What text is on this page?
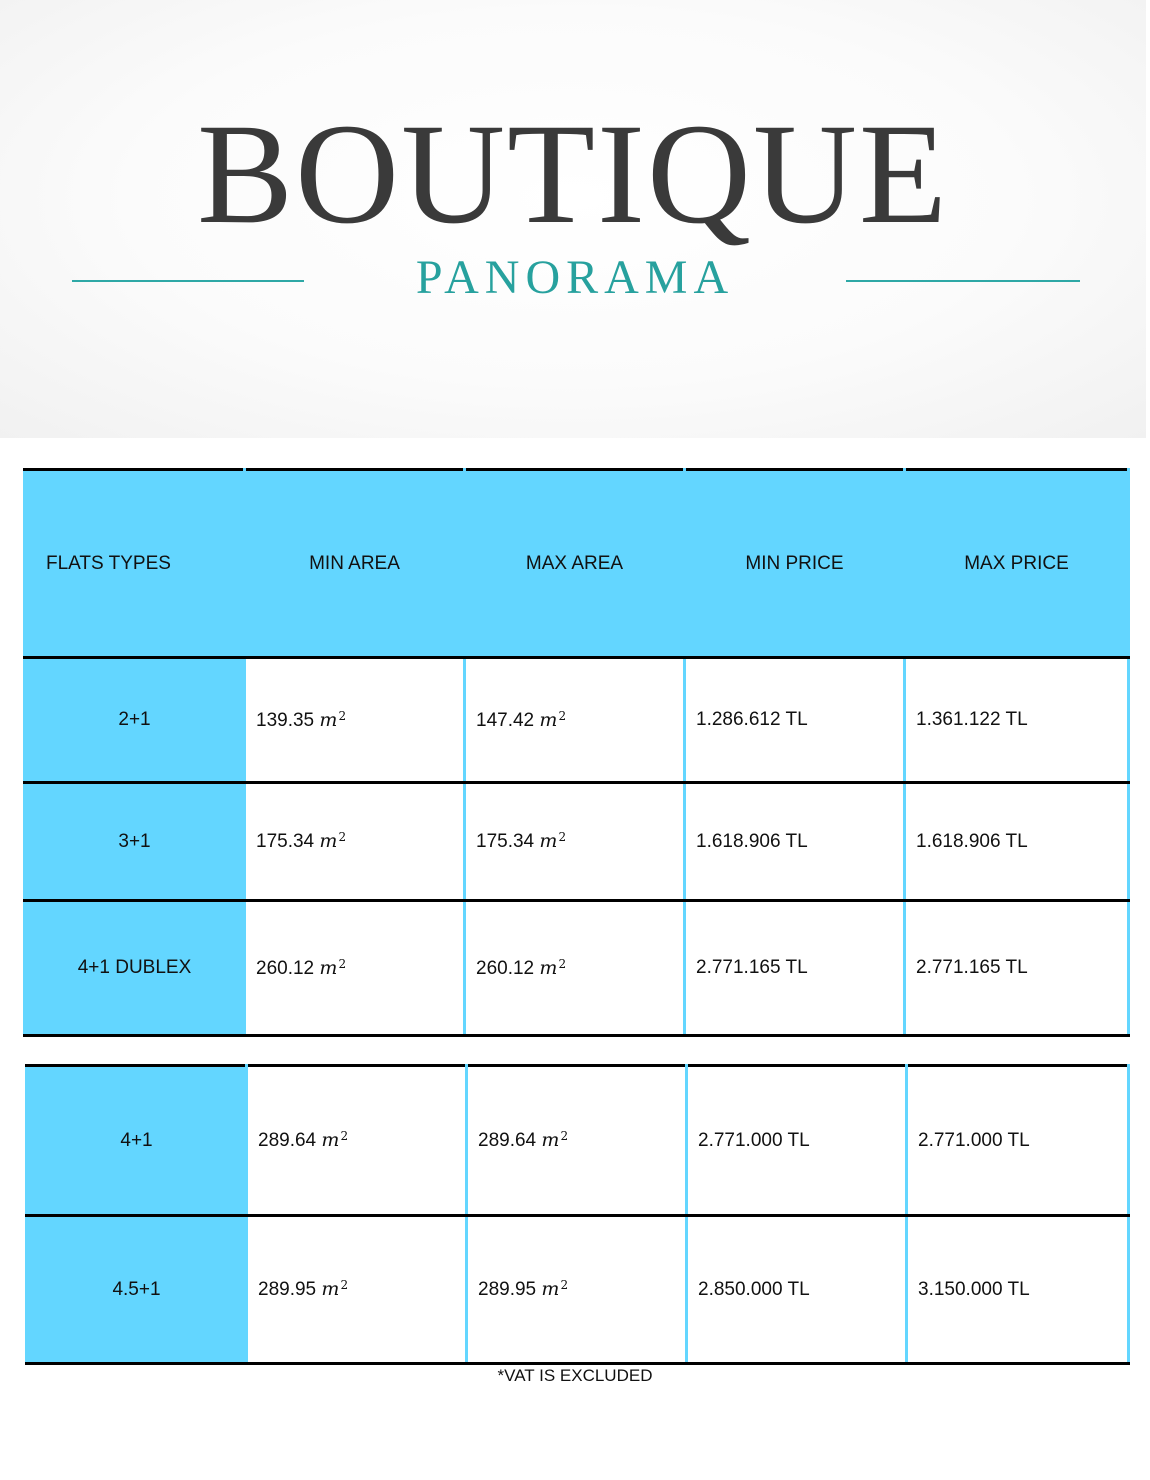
BOUTIQUE
PANORAMA
FLATS TYPES	MIN AREA	MAX AREA	MIN PRICE	MAX PRICE
2+1	139.35 $m^2$	147.42 $m^2$	1.286.612 TL	1.361.122 TL
3+1	175.34 $m^2$	175.34 $m^2$	1.618.906 TL	1.618.906 TL
4+1 DUBLEX	260.12 $m^2$	260.12 $m^2$	2.771.165 TL	2.771.165 TL
4+1	289.64 $m^2$	289.64 $m^2$	2.771.000 TL	2.771.000 TL
4.5+1	289.95 $m^2$	289.95 $m^2$	2.850.000 TL	3.150.000 TL
*VAT IS EXCLUDED
